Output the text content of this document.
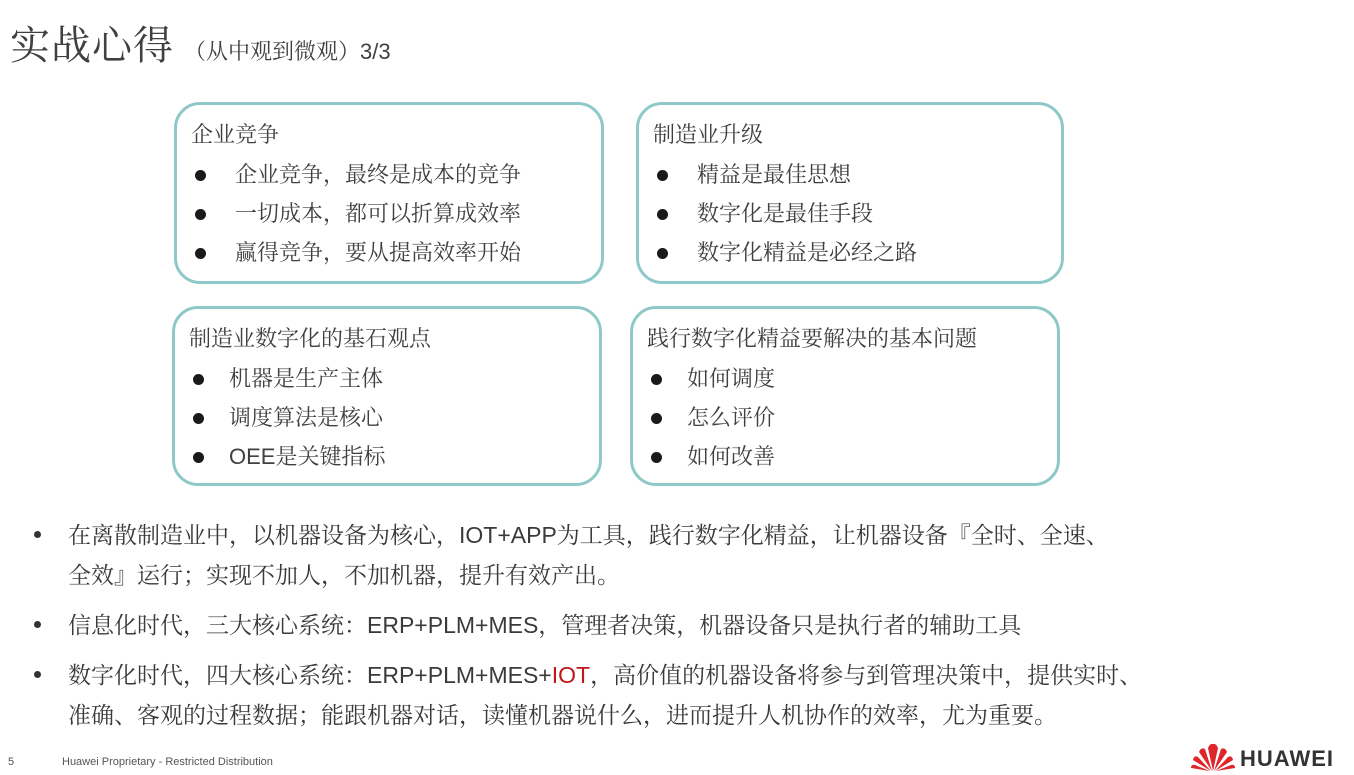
实战心得 （从中观到微观）3/3
企业竞争
企业竞争，最终是成本的竞争
一切成本，都可以折算成效率
赢得竞争，要从提高效率开始
制造业升级
精益是最佳思想
数字化是最佳手段
数字化精益是必经之路
制造业数字化的基石观点
机器是生产主体
调度算法是核心
OEE是关键指标
践行数字化精益要解决的基本问题
如何调度
怎么评价
如何改善
在离散制造业中，以机器设备为核心，IOT+APP为工具，践行数字化精益，让机器设备『全时、全速、
全效』运行；实现不加人，不加机器，提升有效产出。
信息化时代，三大核心系统：ERP+PLM+MES，管理者决策，机器设备只是执行者的辅助工具
数字化时代，四大核心系统：ERP+PLM+MES+IOT，高价值的机器设备将参与到管理决策中，提供实时、
准确、客观的过程数据；能跟机器对话，读懂机器说什么，进而提升人机协作的效率，尤为重要。
5	Huawei Proprietary - Restricted Distribution	HUAWEI
